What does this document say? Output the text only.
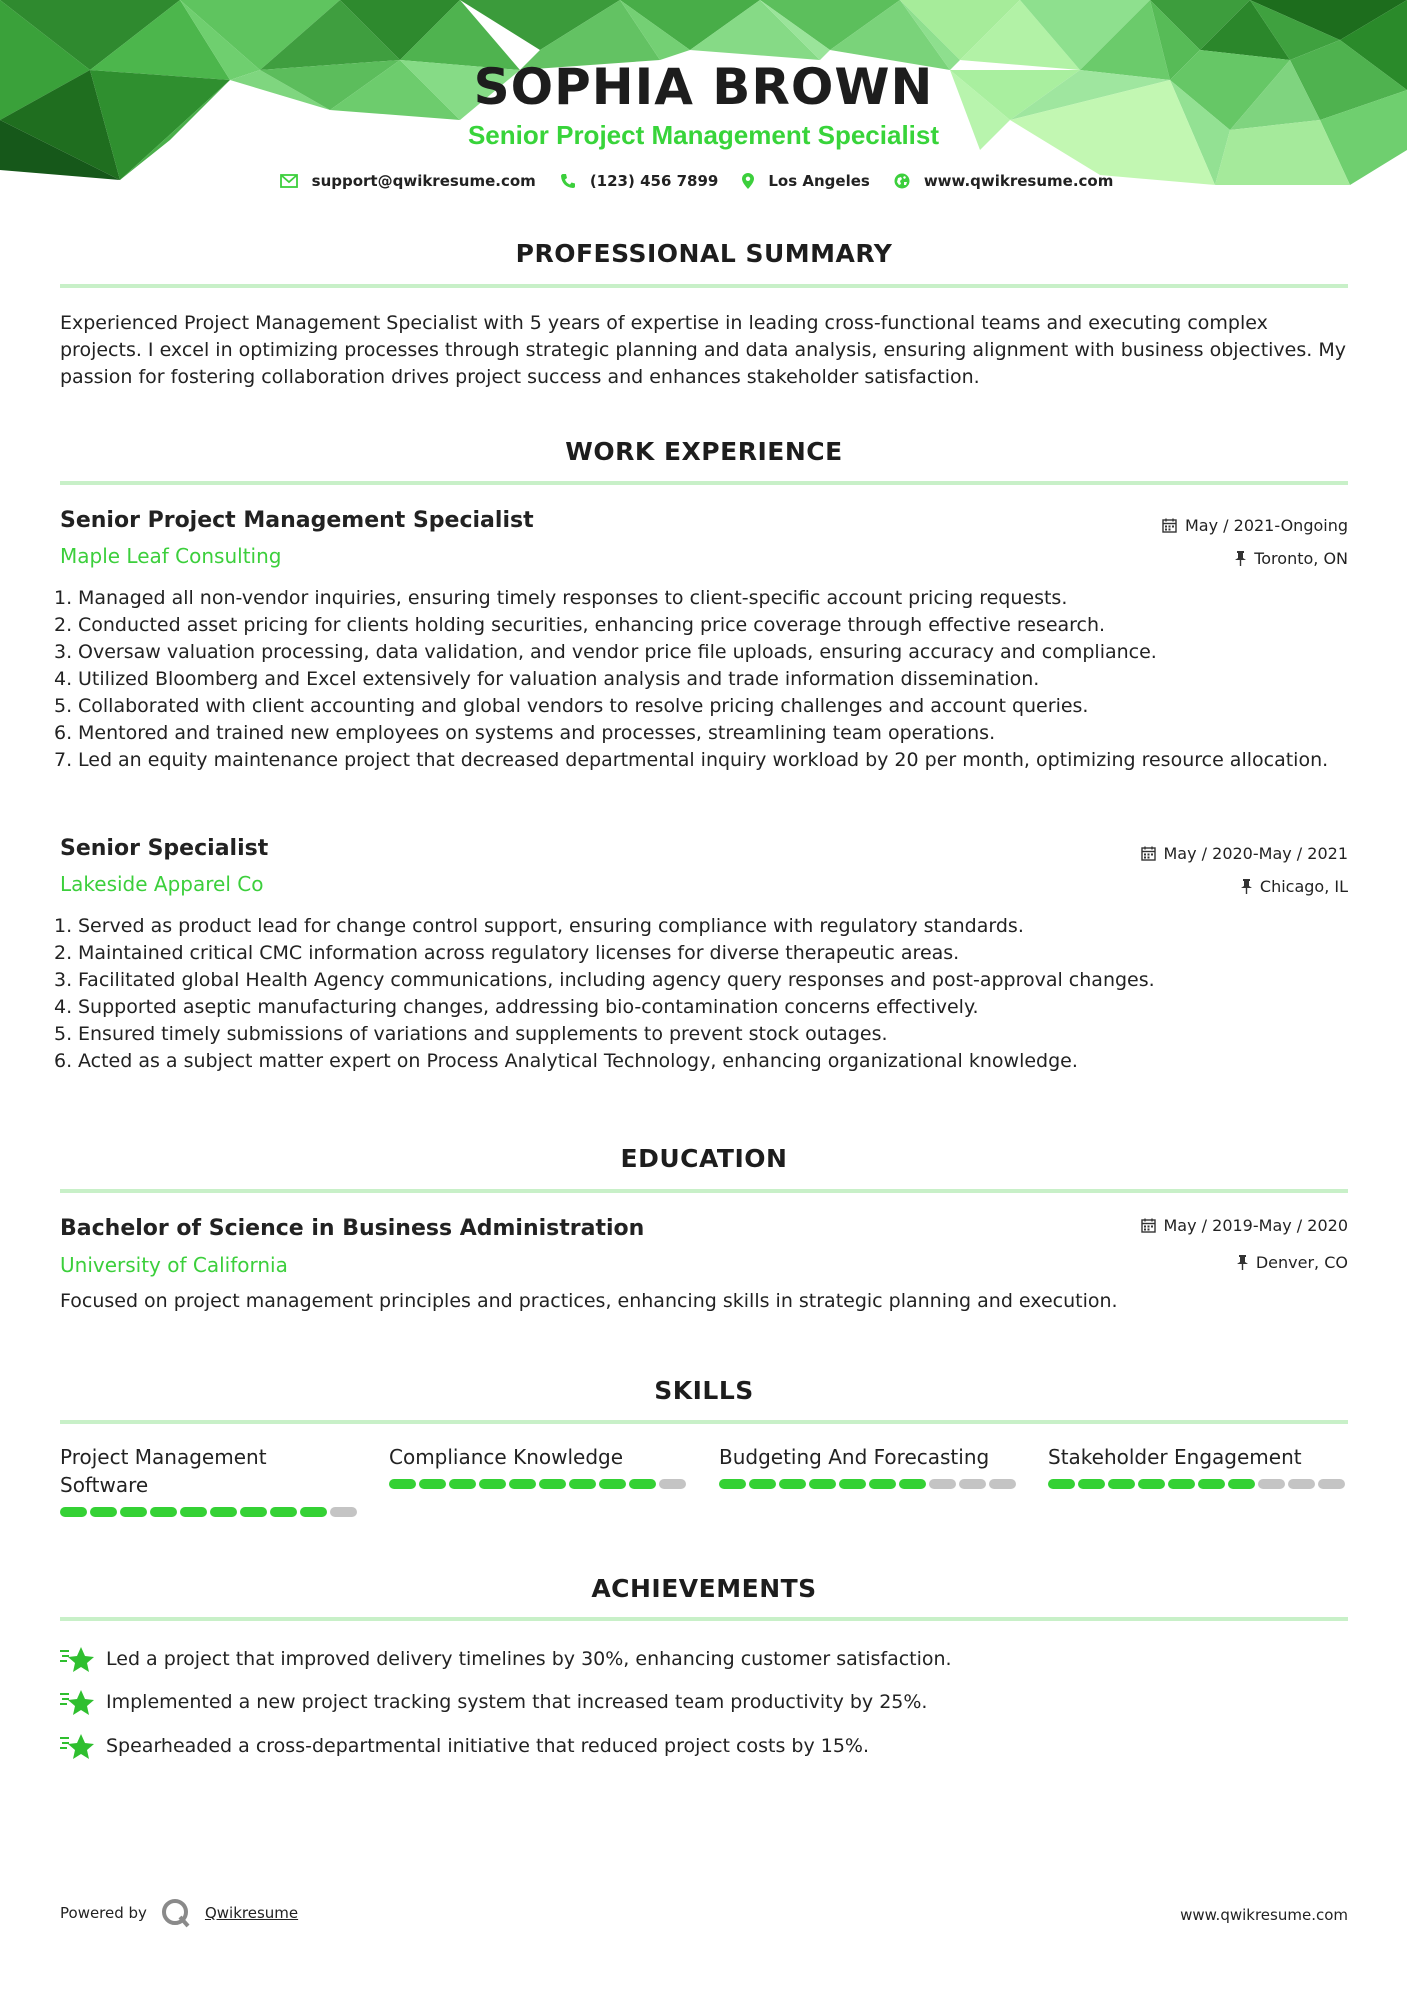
SOPHIA BROWN
Senior Project Management Specialist
support@qwikresume.com	(123) 456 7899	Los Angeles	www.qwikresume.com
PROFESSIONAL SUMMARY
Experienced Project Management Specialist with 5 years of expertise in leading cross-functional teams and executing complex projects. I excel in optimizing processes through strategic planning and data analysis, ensuring alignment with business objectives. My passion for fostering collaboration drives project success and enhances stakeholder satisfaction.
WORK EXPERIENCE
Senior Project Management Specialist	May / 2021-Ongoing
Maple Leaf Consulting	Toronto, ON
1. Managed all non-vendor inquiries, ensuring timely responses to client-specific account pricing requests.
2. Conducted asset pricing for clients holding securities, enhancing price coverage through effective research.
3. Oversaw valuation processing, data validation, and vendor price file uploads, ensuring accuracy and compliance.
4. Utilized Bloomberg and Excel extensively for valuation analysis and trade information dissemination.
5. Collaborated with client accounting and global vendors to resolve pricing challenges and account queries.
6. Mentored and trained new employees on systems and processes, streamlining team operations.
7. Led an equity maintenance project that decreased departmental inquiry workload by 20 per month, optimizing resource allocation.
Senior Specialist	May / 2020-May / 2021
Lakeside Apparel Co	Chicago, IL
1. Served as product lead for change control support, ensuring compliance with regulatory standards.
2. Maintained critical CMC information across regulatory licenses for diverse therapeutic areas.
3. Facilitated global Health Agency communications, including agency query responses and post-approval changes.
4. Supported aseptic manufacturing changes, addressing bio-contamination concerns effectively.
5. Ensured timely submissions of variations and supplements to prevent stock outages.
6. Acted as a subject matter expert on Process Analytical Technology, enhancing organizational knowledge.
EDUCATION
Bachelor of Science in Business Administration	May / 2019-May / 2020
University of California	Denver, CO
Focused on project management principles and practices, enhancing skills in strategic planning and execution.
SKILLS
Project Management Software
Compliance Knowledge	Budgeting And Forecasting	Stakeholder Engagement
ACHIEVEMENTS
Led a project that improved delivery timelines by 30%, enhancing customer satisfaction.
Implemented a new project tracking system that increased team productivity by 25%.
Spearheaded a cross-departmental initiative that reduced project costs by 15%.
Powered by	Qwikresume	www.qwikresume.com
